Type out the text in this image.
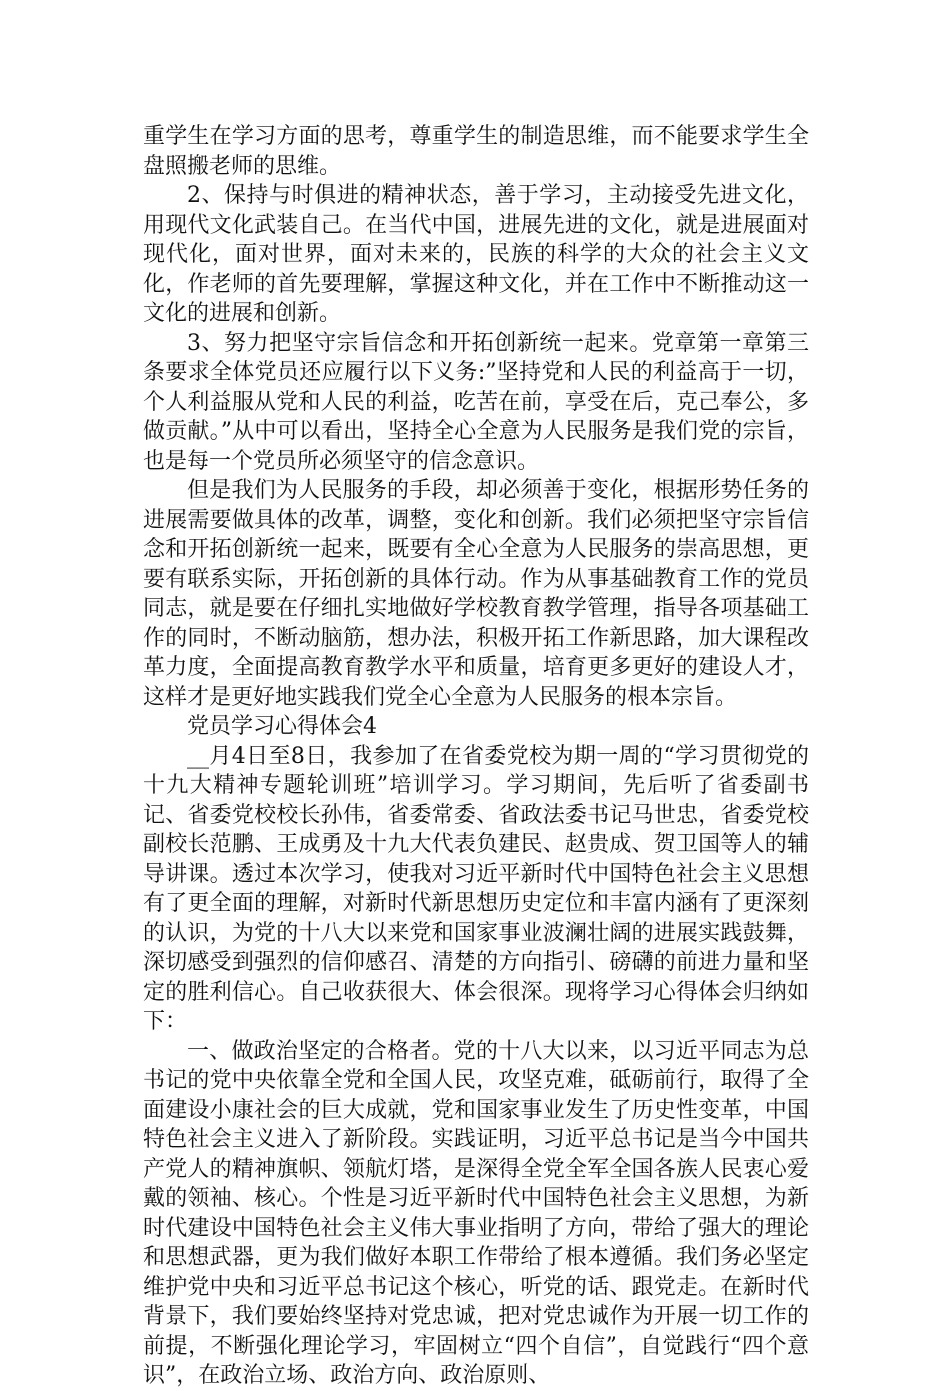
重学生在学习方面的思考，尊重学生的制造思维，而不能要求学生全盘照搬老师的思维。

2、保持与时俱进的精神状态，善于学习，主动接受先进文化，用现代文化武装自己。在当代中国，进展先进的文化，就是进展面对现代化，面对世界，面对未来的，民族的科学的大众的社会主义文化，作老师的首先要理解，掌握这种文化，并在工作中不断推动这一文化的进展和创新。

3、努力把坚守宗旨信念和开拓创新统一起来。党章第一章第三条要求全体党员还应履行以下义务:”坚持党和人民的利益高于一切，个人利益服从党和人民的利益，吃苦在前，享受在后，克己奉公，多做贡献。”从中可以看出，坚持全心全意为人民服务是我们党的宗旨，也是每一个党员所必须坚守的信念意识。

但是我们为人民服务的手段，却必须善于变化，根据形势任务的进展需要做具体的改革，调整，变化和创新。我们必须把坚守宗旨信念和开拓创新统一起来，既要有全心全意为人民服务的崇高思想，更要有联系实际，开拓创新的具体行动。作为从事基础教育工作的党员同志，就是要在仔细扎实地做好学校教育教学管理，指导各项基础工作的同时，不断动脑筋，想办法，积极开拓工作新思路，加大课程改革力度，全面提高教育教学水平和质量，培育更多更好的建设人才，这样才是更好地实践我们党全心全意为人民服务的根本宗旨。

党员学习心得体会4

__月4日至8日，我参加了在省委党校为期一周的“学习贯彻党的十九大精神专题轮训班”培训学习。学习期间，先后听了省委副书记、省委党校校长孙伟，省委常委、省政法委书记马世忠，省委党校副校长范鹏、王成勇及十九大代表负建民、赵贵成、贺卫国等人的辅导讲课。透过本次学习，使我对习近平新时代中国特色社会主义思想有了更全面的理解，对新时代新思想历史定位和丰富内涵有了更深刻的认识，为党的十八大以来党和国家事业波澜壮阔的进展实践鼓舞，深切感受到强烈的信仰感召、清楚的方向指引、磅礴的前进力量和坚定的胜利信心。自己收获很大、体会很深。现将学习心得体会归纳如下：

一、做政治坚定的合格者。党的十八大以来，以习近平同志为总书记的党中央依靠全党和全国人民，攻坚克难，砥砺前行，取得了全面建设小康社会的巨大成就，党和国家事业发生了历史性变革，中国特色社会主义进入了新阶段。实践证明，习近平总书记是当今中国共产党人的精神旗帜、领航灯塔，是深得全党全军全国各族人民衷心爱戴的领袖、核心。个性是习近平新时代中国特色社会主义思想，为新时代建设中国特色社会主义伟大事业指明了方向，带给了强大的理论和思想武器，更为我们做好本职工作带给了根本遵循。我们务必坚定维护党中央和习近平总书记这个核心，听党的话、跟党走。在新时代背景下，我们要始终坚持对党忠诚，把对党忠诚作为开展一切工作的前提，不断强化理论学习，牢固树立“四个自信”，自觉践行“四个意识”，在政治立场、政治方向、政治原则、
